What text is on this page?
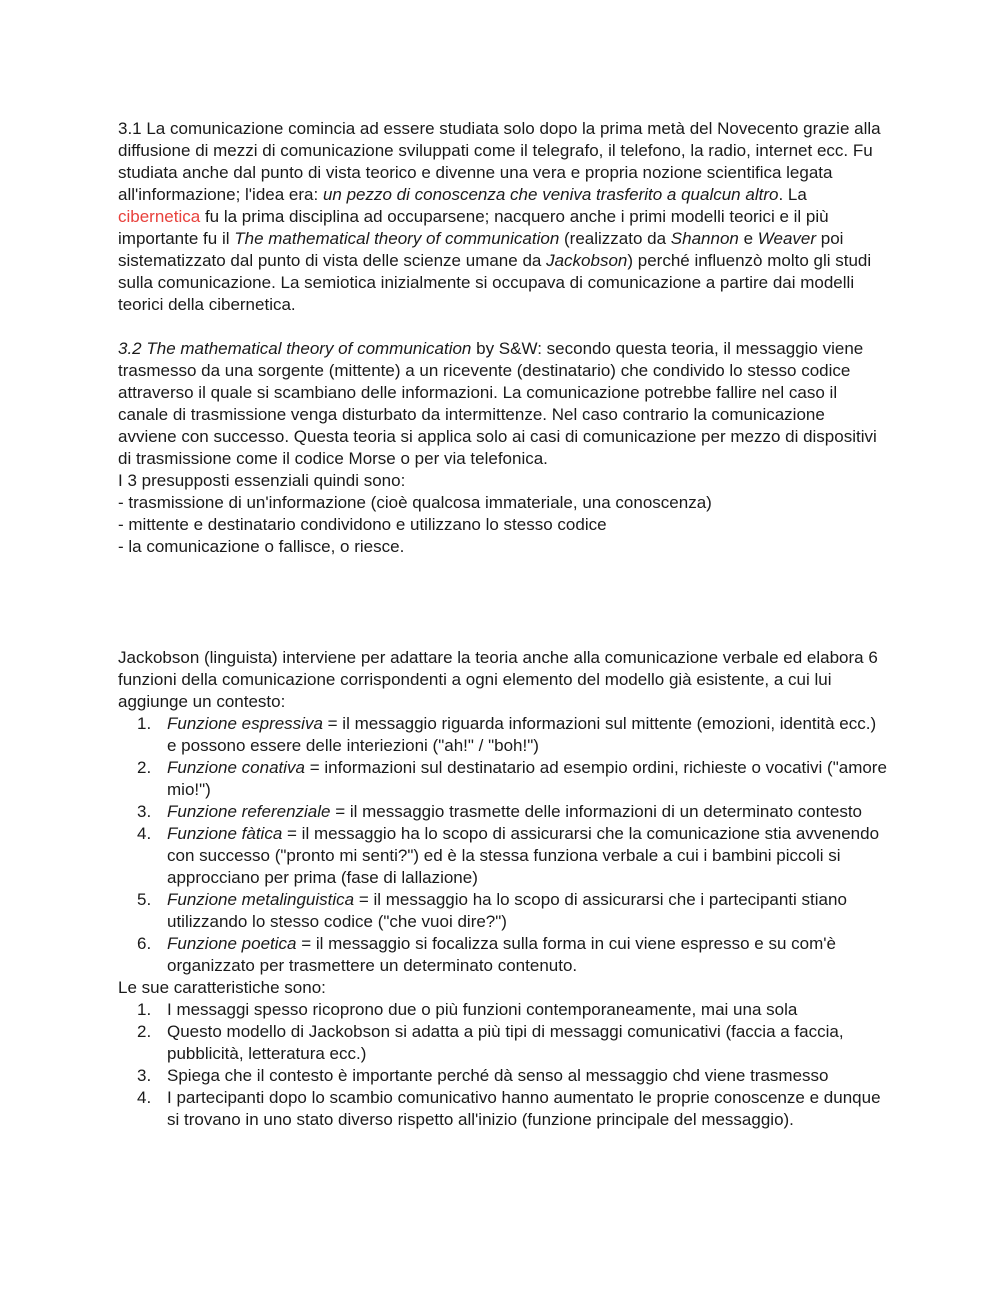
3.1 La comunicazione comincia ad essere studiata solo dopo la prima metà del Novecento grazie alla diffusione di mezzi di comunicazione sviluppati come il telegrafo, il telefono, la radio, internet ecc. Fu studiata anche dal punto di vista teorico e divenne una vera e propria nozione scientifica legata all'informazione; l'idea era: un pezzo di conoscenza che veniva trasferito a qualcun altro. La cibernetica fu la prima disciplina ad occuparsene; nacquero anche i primi modelli teorici e il più importante fu il The mathematical theory of communication (realizzato da Shannon e Weaver poi sistematizzato dal punto di vista delle scienze umane da Jackobson) perché influenzò molto gli studi sulla comunicazione. La semiotica inizialmente si occupava di comunicazione a partire dai modelli teorici della cibernetica.

3.2 The mathematical theory of communication by S&W: secondo questa teoria, il messaggio viene trasmesso da una sorgente (mittente) a un ricevente (destinatario) che condivido lo stesso codice attraverso il quale si scambiano delle informazioni. La comunicazione potrebbe fallire nel caso il canale di trasmissione venga disturbato da intermittenze. Nel caso contrario la comunicazione avviene con successo. Questa teoria si applica solo ai casi di comunicazione per mezzo di dispositivi di trasmissione come il codice Morse o per via telefonica.

I 3 presupposti essenziali quindi sono:

- trasmissione di un'informazione (cioè qualcosa immateriale, una conoscenza)

- mittente e destinatario condividono e utilizzano lo stesso codice

- la comunicazione o fallisce, o riesce.

Jackobson (linguista) interviene per adattare la teoria anche alla comunicazione verbale ed elabora 6 funzioni della comunicazione corrispondenti a ogni elemento del modello già esistente, a cui lui aggiunge un contesto:

1. Funzione espressiva = il messaggio riguarda informazioni sul mittente (emozioni, identità ecc.) e possono essere delle interiezioni ("ah!" / "boh!")
2. Funzione conativa = informazioni sul destinatario ad esempio ordini, richieste o vocativi ("amore mio!")
3. Funzione referenziale = il messaggio trasmette delle informazioni di un determinato contesto
4. Funzione fàtica = il messaggio ha lo scopo di assicurarsi che la comunicazione stia avvenendo con successo ("pronto mi senti?") ed è la stessa funziona verbale a cui i bambini piccoli si approcciano per prima (fase di lallazione)
5. Funzione metalinguistica = il messaggio ha lo scopo di assicurarsi che i partecipanti stiano utilizzando lo stesso codice ("che vuoi dire?")
6. Funzione poetica = il messaggio si focalizza sulla forma in cui viene espresso e su com'è organizzato per trasmettere un determinato contenuto.

Le sue caratteristiche sono:

1. I messaggi spesso ricoprono due o più funzioni contemporaneamente, mai una sola
2. Questo modello di Jackobson si adatta a più tipi di messaggi comunicativi (faccia a faccia, pubblicità, letteratura ecc.)
3. Spiega che il contesto è importante perché dà senso al messaggio chd viene trasmesso
4. I partecipanti dopo lo scambio comunicativo hanno aumentato le proprie conoscenze e dunque si trovano in uno stato diverso rispetto all'inizio (funzione principale del messaggio).
